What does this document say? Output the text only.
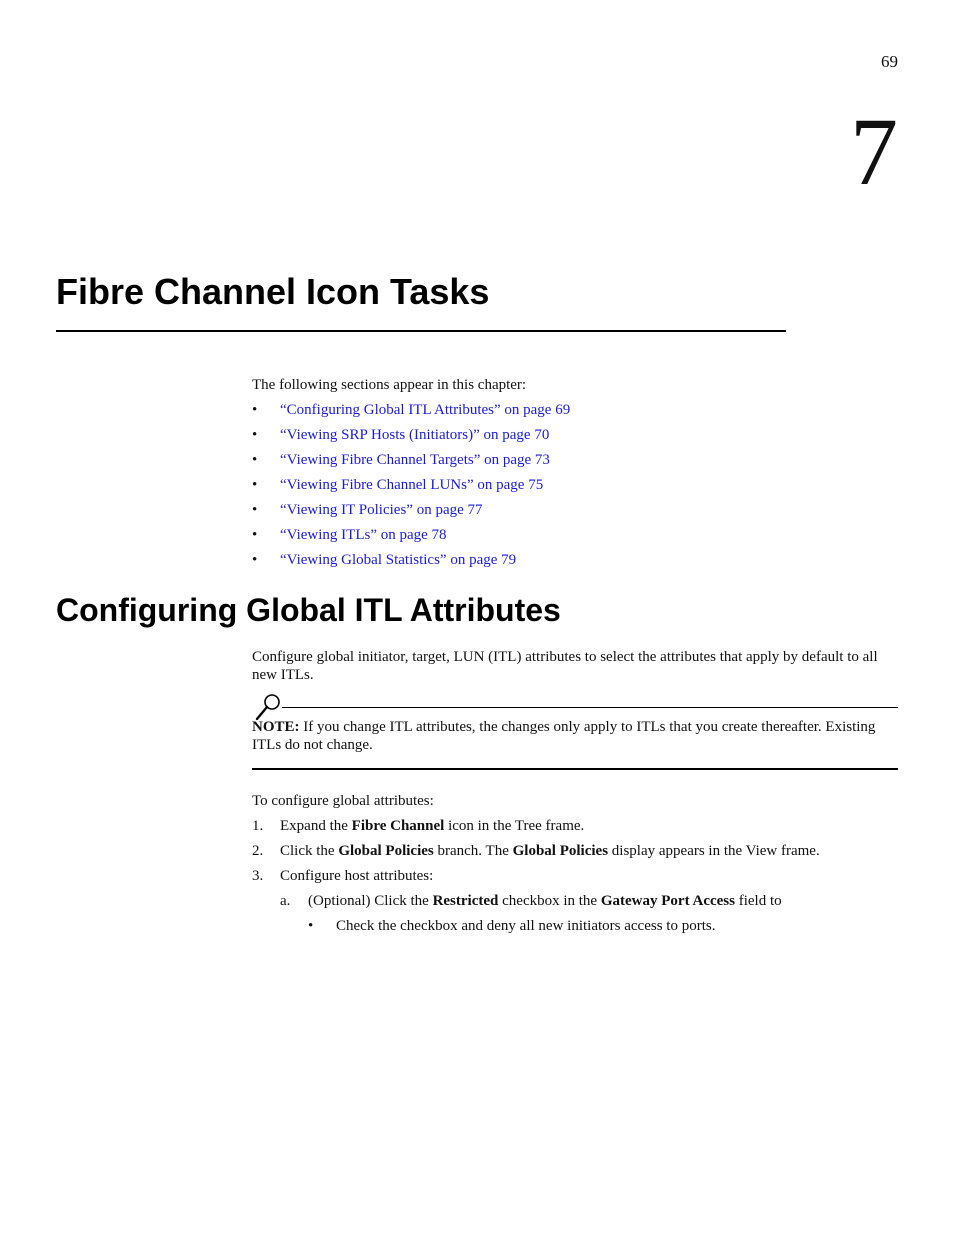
69
7
Fibre Channel Icon Tasks
The following sections appear in this chapter:
• “Configuring Global ITL Attributes” on page 69
• “Viewing SRP Hosts (Initiators)” on page 70
• “Viewing Fibre Channel Targets” on page 73
• “Viewing Fibre Channel LUNs” on page 75
• “Viewing IT Policies” on page 77
• “Viewing ITLs” on page 78
• “Viewing Global Statistics” on page 79
Configuring Global ITL Attributes
Configure global initiator, target, LUN (ITL) attributes to select the attributes that apply by default to all new ITLs.
NOTE: If you change ITL attributes, the changes only apply to ITLs that you create thereafter. Existing ITLs do not change.
To configure global attributes:
1. Expand the Fibre Channel icon in the Tree frame.
2. Click the Global Policies branch. The Global Policies display appears in the View frame.
3. Configure host attributes:
a. (Optional) Click the Restricted checkbox in the Gateway Port Access field to
• Check the checkbox and deny all new initiators access to ports.
